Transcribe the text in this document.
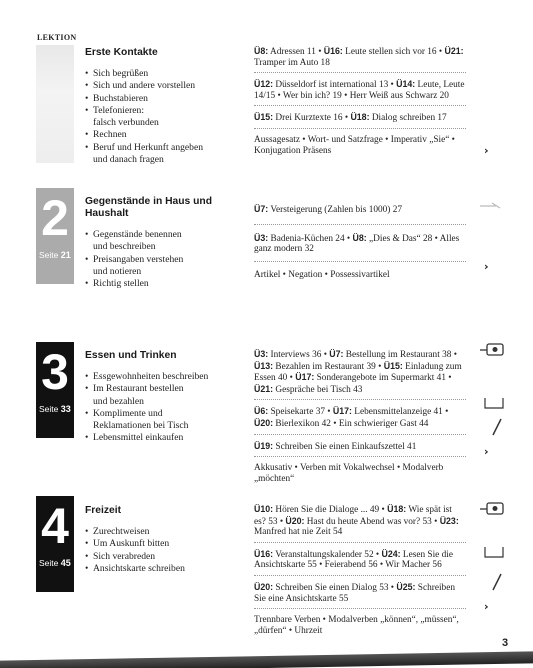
LEKTION
Erste Kontakte
• Sich begrüßen
• Sich und andere vorstellen
• Buchstabieren
• Telefonieren:
falsch verbunden
• Rechnen
• Beruf und Herkunft angeben
und danach fragen
Ü8: Adressen 11 • Ü16: Leute stellen sich vor 16 • Ü21: Tramper im Auto 18
Ü12: Düsseldorf ist international 13 • Ü14: Leute, Leute 14/15 • Wer bin ich? 19 • Herr Weiß aus Schwarz 20
Ü15: Drei Kurztexte 16 • Ü18: Dialog schreiben 17
Aussagesatz • Wort- und Satzfrage • Imperativ „Sie“ • Konjugation Präsens	›
2
Seite 21
Gegenstände in Haus und Haushalt
• Gegenstände benennen
und beschreiben
• Preisangaben verstehen
und notieren
• Richtig stellen
Ü7: Versteigerung (Zahlen bis 1000) 27
Ü3: Badenia-Küchen 24 • Ü8: „Dies & Das“ 28 • Alles ganz modern 32
Artikel • Negation • Possessivartikel
›
3
Seite 33
Essen und Trinken
• Essgewohnheiten beschreiben
• Im Restaurant bestellen
und bezahlen
• Komplimente und
Reklamationen bei Tisch
• Lebensmittel einkaufen
Ü3: Interviews 36 • Ü7: Bestellung im Restaurant 38 • Ü13: Bezahlen im Restaurant 39 • Ü15: Einladung zum Essen 40 • Ü17: Sonderangebote im Supermarkt 41 • Ü21: Gespräche bei Tisch 43
Ü6: Speisekarte 37 • Ü17: Lebensmittelanzeige 41 • Ü20: Bierlexikon 42 • Ein schwieriger Gast 44
Ü19: Schreiben Sie einen Einkaufszettel 41
Akkusativ • Verben mit Vokalwechsel • Modalverb „möchten“
›
4
Seite 45
Freizeit
• Zurechtweisen
• Um Auskunft bitten
• Sich verabreden
• Ansichtskarte schreiben
Ü10: Hören Sie die Dialoge ... 49 • Ü18: Wie spät ist es? 53 • Ü20: Hast du heute Abend was vor? 53 • Ü23: Manfred hat nie Zeit 54
Ü16: Veranstaltungskalender 52 • Ü24: Lesen Sie die Ansichtskarte 55 • Feierabend 56 • Wir Macher 56
Ü20: Schreiben Sie einen Dialog 53 • Ü25: Schreiben Sie eine Ansichtskarte 55
Trennbare Verben • Modalverben „können“, „müssen“, „dürfen“ • Uhrzeit
›
3
